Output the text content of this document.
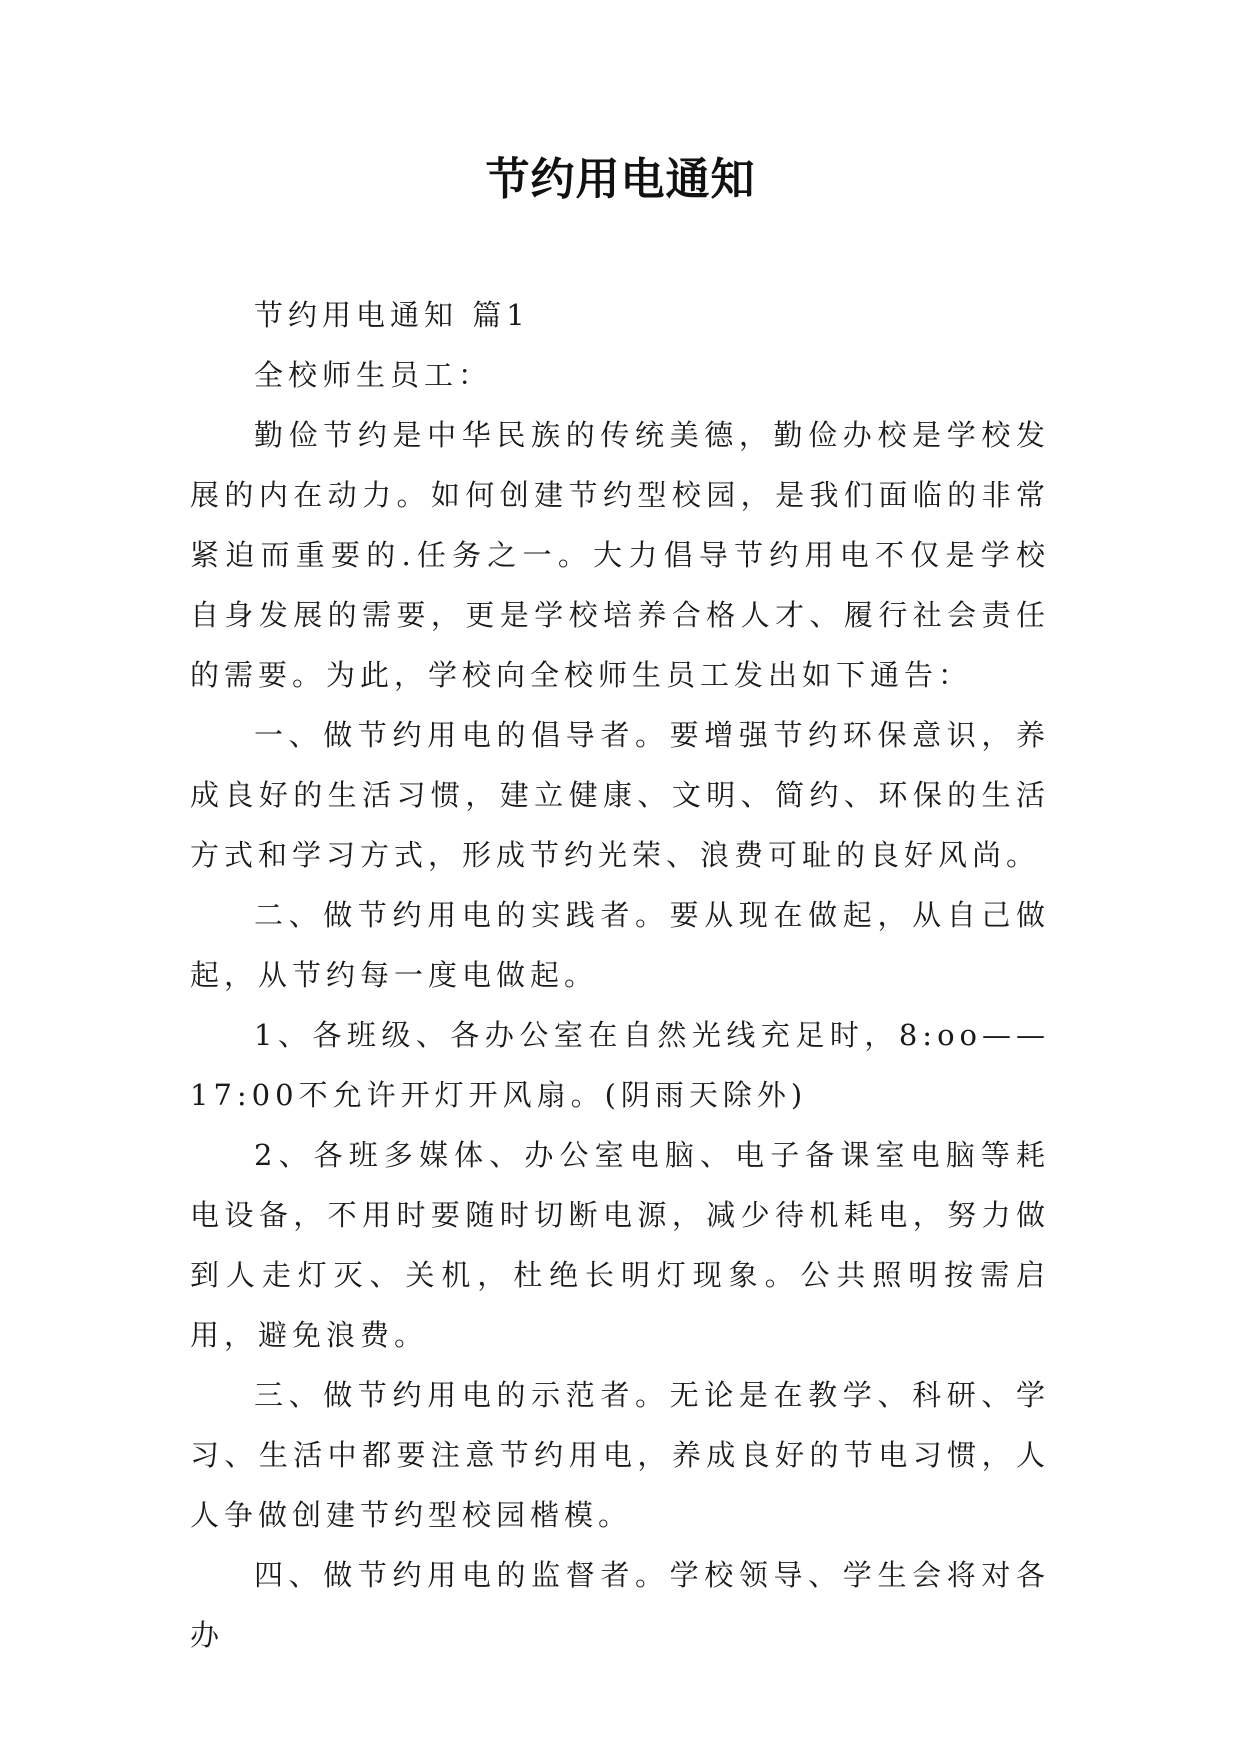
节约用电通知

节约用电通知 篇1

全校师生员工：

勤俭节约是中华民族的传统美德，勤俭办校是学校发展的内在动力。如何创建节约型校园，是我们面临的非常紧迫而重要的.任务之一。大力倡导节约用电不仅是学校自身发展的需要，更是学校培养合格人才、履行社会责任的需要。为此，学校向全校师生员工发出如下通告：

一、做节约用电的倡导者。要增强节约环保意识，养成良好的生活习惯，建立健康、文明、简约、环保的生活方式和学习方式，形成节约光荣、浪费可耻的良好风尚。

二、做节约用电的实践者。要从现在做起，从自己做起，从节约每一度电做起。

1、各班级、各办公室在自然光线充足时，8:oo——17:00不允许开灯开风扇。(阴雨天除外)

2、各班多媒体、办公室电脑、电子备课室电脑等耗电设备，不用时要随时切断电源，减少待机耗电，努力做到人走灯灭、关机，杜绝长明灯现象。公共照明按需启用，避免浪费。

三、做节约用电的示范者。无论是在教学、科研、学习、生活中都要注意节约用电，养成良好的节电习惯，人人争做创建节约型校园楷模。

四、做节约用电的监督者。学校领导、学生会将对各办
